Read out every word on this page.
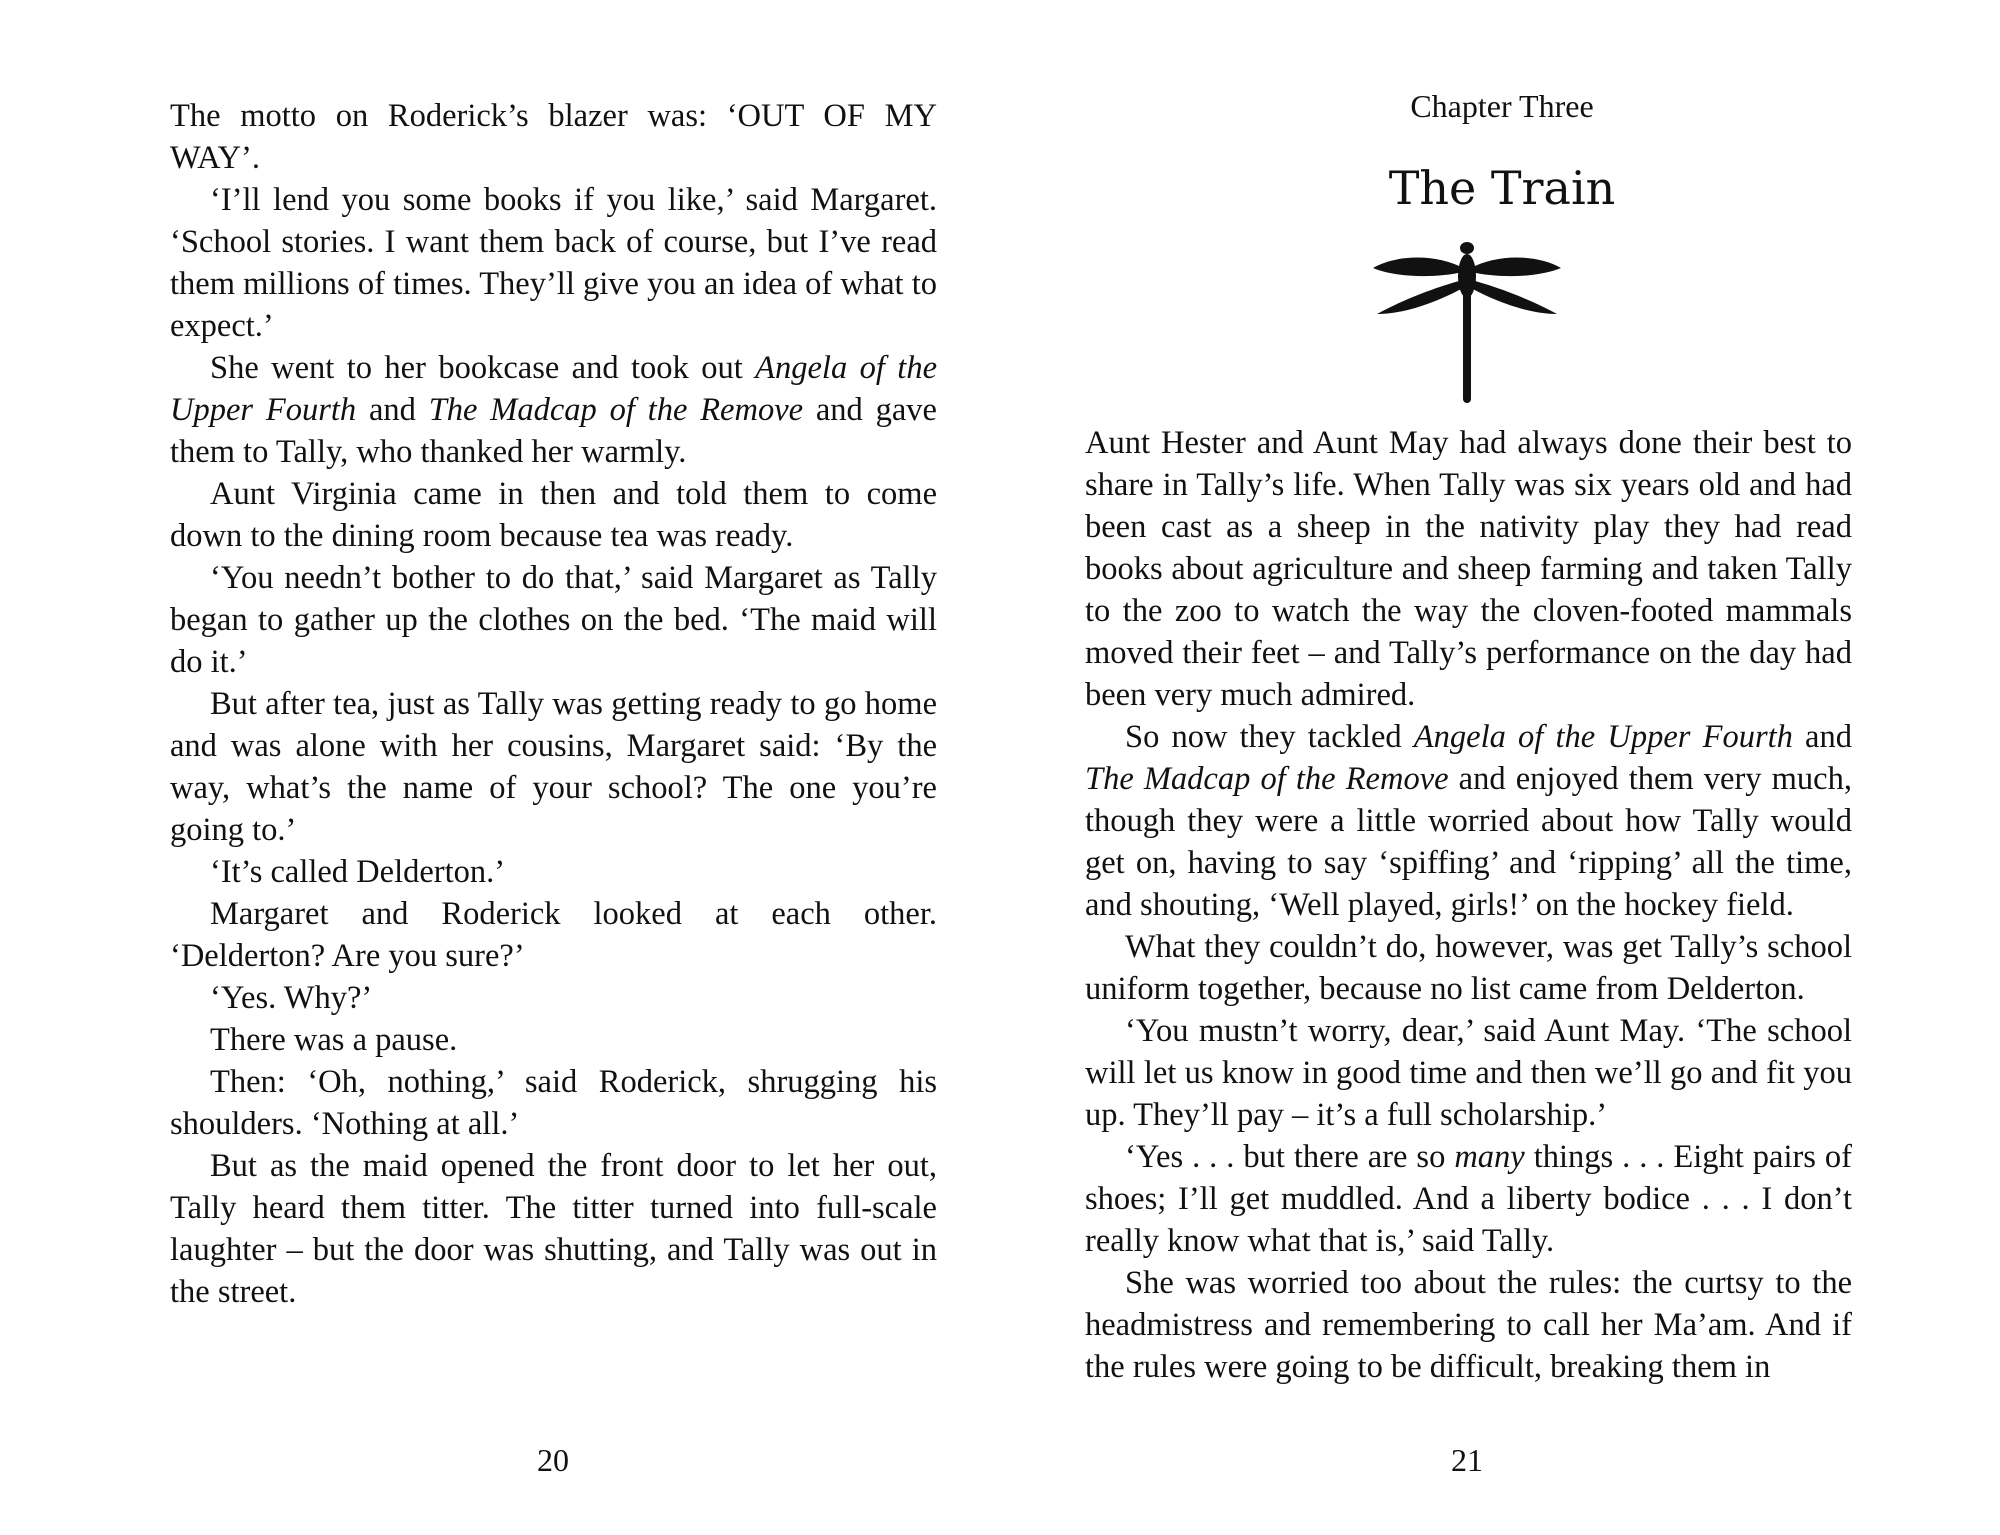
The motto on Roderick’s blazer was: ‘OUT OF MY WAY’.

‘I’ll lend you some books if you like,’ said Margaret. ‘School stories. I want them back of course, but I’ve read them millions of times. They’ll give you an idea of what to expect.’

She went to her bookcase and took out Angela of the Upper Fourth and The Madcap of the Remove and gave them to Tally, who thanked her warmly.

Aunt Virginia came in then and told them to come down to the dining room because tea was ready.

‘You needn’t bother to do that,’ said Margaret as Tally began to gather up the clothes on the bed. ‘The maid will do it.’

But after tea, just as Tally was getting ready to go home and was alone with her cousins, Margaret said: ‘By the way, what’s the name of your school? The one you’re going to.’

‘It’s called Delderton.’

Margaret and Roderick looked at each other. ‘Delderton? Are you sure?’

‘Yes. Why?’

There was a pause.

Then: ‘Oh, nothing,’ said Roderick, shrugging his shoulders. ‘Nothing at all.’

But as the maid opened the front door to let her out, Tally heard them titter. The titter turned into full-scale laughter – but the door was shutting, and Tally was out in the street.

20
Chapter Three
The Train

Aunt Hester and Aunt May had always done their best to share in Tally’s life. When Tally was six years old and had been cast as a sheep in the nativity play they had read books about agriculture and sheep farming and taken Tally to the zoo to watch the way the cloven-footed mammals moved their feet – and Tally’s performance on the day had been very much admired.

So now they tackled Angela of the Upper Fourth and The Madcap of the Remove and enjoyed them very much, though they were a little worried about how Tally would get on, having to say ‘spiffing’ and ‘ripping’ all the time, and shouting, ‘Well played, girls!’ on the hockey field.

What they couldn’t do, however, was get Tally’s school uniform together, because no list came from Delderton.

‘You mustn’t worry, dear,’ said Aunt May. ‘The school will let us know in good time and then we’ll go and fit you up. They’ll pay – it’s a full scholarship.’

‘Yes . . . but there are so many things . . . Eight pairs of shoes; I’ll get muddled. And a liberty bodice . . . I don’t really know what that is,’ said Tally.

She was worried too about the rules: the curtsy to the headmistress and remembering to call her Ma’am. And if the rules were going to be difficult, breaking them in

21
